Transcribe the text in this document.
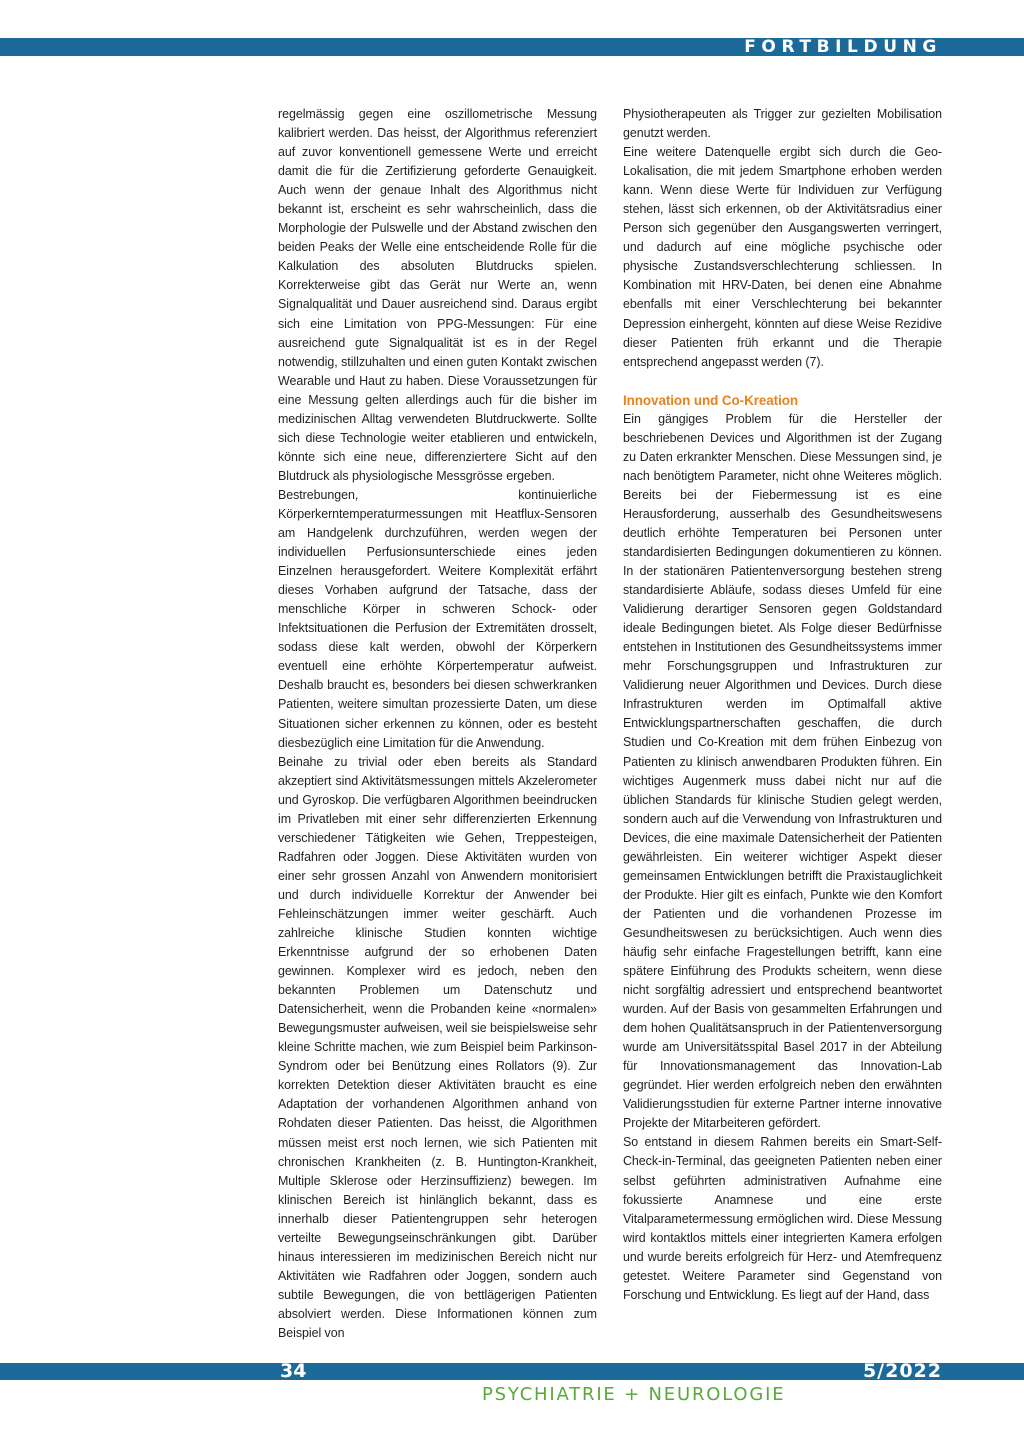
FORTBILDUNG

regelmässig gegen eine oszillometrische Messung kalibriert werden. Das heisst, der Algorithmus referenziert auf zuvor konventionell gemessene Werte und erreicht damit die für die Zertifizierung geforderte Genauigkeit. Auch wenn der genaue Inhalt des Algorithmus nicht bekannt ist, erscheint es sehr wahrscheinlich, dass die Morphologie der Pulswelle und der Abstand zwischen den beiden Peaks der Welle eine entscheidende Rolle für die Kalkulation des absoluten Blutdrucks spielen. Korrekterweise gibt das Gerät nur Werte an, wenn Signalqualität und Dauer ausreichend sind. Daraus ergibt sich eine Limitation von PPG-Messungen: Für eine ausreichend gute Signalqualität ist es in der Regel notwendig, stillzuhalten und einen guten Kontakt zwischen Wearable und Haut zu haben. Diese Voraussetzungen für eine Messung gelten allerdings auch für die bisher im medizinischen Alltag verwendeten Blutdruckwerte. Sollte sich diese Technologie weiter etablieren und entwickeln, könnte sich eine neue, differenziertere Sicht auf den Blutdruck als physiologische Messgrösse ergeben.

Bestrebungen, kontinuierliche Körperkerntemperaturmessungen mit Heatflux-Sensoren am Handgelenk durchzuführen, werden wegen der individuellen Perfusionsunterschiede eines jeden Einzelnen herausgefordert. Weitere Komplexität erfährt dieses Vorhaben aufgrund der Tatsache, dass der menschliche Körper in schweren Schock- oder Infektsituationen die Perfusion der Extremitäten drosselt, sodass diese kalt werden, obwohl der Körperkern eventuell eine erhöhte Körpertemperatur aufweist. Deshalb braucht es, besonders bei diesen schwerkranken Patienten, weitere simultan prozessierte Daten, um diese Situationen sicher erkennen zu können, oder es besteht diesbezüglich eine Limitation für die Anwendung.

Beinahe zu trivial oder eben bereits als Standard akzeptiert sind Aktivitätsmessungen mittels Akzelerometer und Gyroskop. Die verfügbaren Algorithmen beeindrucken im Privatleben mit einer sehr differenzierten Erkennung verschiedener Tätigkeiten wie Gehen, Treppesteigen, Radfahren oder Joggen. Diese Aktivitäten wurden von einer sehr grossen Anzahl von Anwendern monitorisiert und durch individuelle Korrektur der Anwender bei Fehleinschätzungen immer weiter geschärft. Auch zahlreiche klinische Studien konnten wichtige Erkenntnisse aufgrund der so erhobenen Daten gewinnen. Komplexer wird es jedoch, neben den bekannten Problemen um Datenschutz und Datensicherheit, wenn die Probanden keine «normalen» Bewegungsmuster aufweisen, weil sie beispielsweise sehr kleine Schritte machen, wie zum Beispiel beim Parkinson-Syndrom oder bei Benützung eines Rollators (9). Zur korrekten Detektion dieser Aktivitäten braucht es eine Adaptation der vorhandenen Algorithmen anhand von Rohdaten dieser Patienten. Das heisst, die Algorithmen müssen meist erst noch lernen, wie sich Patienten mit chronischen Krankheiten (z. B. Huntington-Krankheit, Multiple Sklerose oder Herzinsuffizienz) bewegen. Im klinischen Bereich ist hinlänglich bekannt, dass es innerhalb dieser Patientengruppen sehr heterogen verteilte Bewegungseinschränkungen gibt. Darüber hinaus interessieren im medizinischen Bereich nicht nur Aktivitäten wie Radfahren oder Joggen, sondern auch subtile Bewegungen, die von bettlägerigen Patienten absolviert werden. Diese Informationen können zum Beispiel von

Physiotherapeuten als Trigger zur gezielten Mobilisation genutzt werden.

Eine weitere Datenquelle ergibt sich durch die Geo-Lokalisation, die mit jedem Smartphone erhoben werden kann. Wenn diese Werte für Individuen zur Verfügung stehen, lässt sich erkennen, ob der Aktivitätsradius einer Person sich gegenüber den Ausgangswerten verringert, und dadurch auf eine mögliche psychische oder physische Zustandsverschlechterung schliessen. In Kombination mit HRV-Daten, bei denen eine Abnahme ebenfalls mit einer Verschlechterung bei bekannter Depression einhergeht, könnten auf diese Weise Rezidive dieser Patienten früh erkannt und die Therapie entsprechend angepasst werden (7).

Innovation und Co-Kreation

Ein gängiges Problem für die Hersteller der beschriebenen Devices und Algorithmen ist der Zugang zu Daten erkrankter Menschen. Diese Messungen sind, je nach benötigtem Parameter, nicht ohne Weiteres möglich. Bereits bei der Fiebermessung ist es eine Herausforderung, ausserhalb des Gesundheitswesens deutlich erhöhte Temperaturen bei Personen unter standardisierten Bedingungen dokumentieren zu können. In der stationären Patientenversorgung bestehen streng standardisierte Abläufe, sodass dieses Umfeld für eine Validierung derartiger Sensoren gegen Goldstandard ideale Bedingungen bietet. Als Folge dieser Bedürfnisse entstehen in Institutionen des Gesundheitssystems immer mehr Forschungsgruppen und Infrastrukturen zur Validierung neuer Algorithmen und Devices. Durch diese Infrastrukturen werden im Optimalfall aktive Entwicklungspartnerschaften geschaffen, die durch Studien und Co-Kreation mit dem frühen Einbezug von Patienten zu klinisch anwendbaren Produkten führen. Ein wichtiges Augenmerk muss dabei nicht nur auf die üblichen Standards für klinische Studien gelegt werden, sondern auch auf die Verwendung von Infrastrukturen und Devices, die eine maximale Datensicherheit der Patienten gewährleisten. Ein weiterer wichtiger Aspekt dieser gemeinsamen Entwicklungen betrifft die Praxistauglichkeit der Produkte. Hier gilt es einfach, Punkte wie den Komfort der Patienten und die vorhandenen Prozesse im Gesundheitswesen zu berücksichtigen. Auch wenn dies häufig sehr einfache Fragestellungen betrifft, kann eine spätere Einführung des Produkts scheitern, wenn diese nicht sorgfältig adressiert und entsprechend beantwortet wurden. Auf der Basis von gesammelten Erfahrungen und dem hohen Qualitätsanspruch in der Patientenversorgung wurde am Universitätsspital Basel 2017 in der Abteilung für Innovationsmanagement das Innovation-Lab gegründet. Hier werden erfolgreich neben den erwähnten Validierungsstudien für externe Partner interne innovative Projekte der Mitarbeiteren gefördert.

So entstand in diesem Rahmen bereits ein Smart-Self-Check-in-Terminal, das geeigneten Patienten neben einer selbst geführten administrativen Aufnahme eine fokussierte Anamnese und eine erste Vitalparametermessung ermöglichen wird. Diese Messung wird kontaktlos mittels einer integrierten Kamera erfolgen und wurde bereits erfolgreich für Herz- und Atemfrequenz getestet. Weitere Parameter sind Gegenstand von Forschung und Entwicklung. Es liegt auf der Hand, dass

34	5/2022
PSYCHIATRIE + NEUROLOGIE
